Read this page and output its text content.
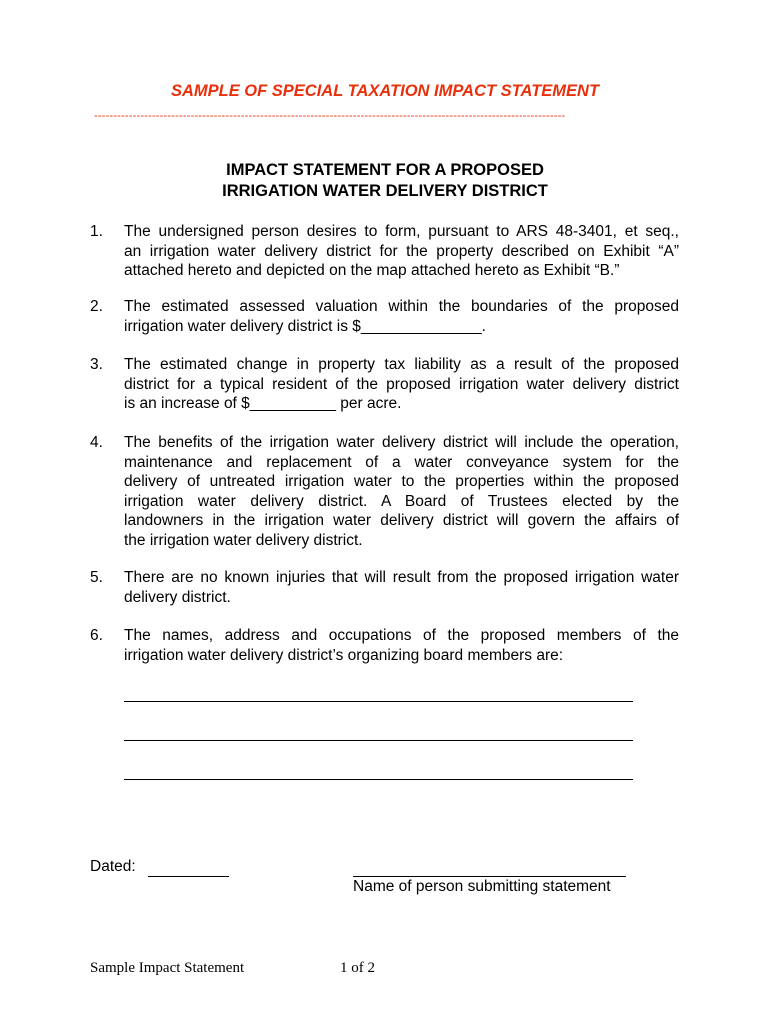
SAMPLE OF SPECIAL TAXATION IMPACT STATEMENT
--------------------------------------------------------------------------------------------------------------------------
IMPACT STATEMENT FOR A PROPOSED
IRRIGATION WATER DELIVERY DISTRICT
1. The undersigned person desires to form, pursuant to ARS 48-3401, et seq.,
an irrigation water delivery district for the property described on Exhibit “A”
attached hereto and depicted on the map attached hereto as Exhibit “B.”
2. The estimated assessed valuation within the boundaries of the proposed
irrigation water delivery district is $______________.
3. The estimated change in property tax liability as a result of the proposed
district for a typical resident of the proposed irrigation water delivery district
is an increase of $__________ per acre.
4. The benefits of the irrigation water delivery district will include the operation,
maintenance and replacement of a water conveyance system for the
delivery of untreated irrigation water to the properties within the proposed
irrigation water delivery district. A Board of Trustees elected by the
landowners in the irrigation water delivery district will govern the affairs of
the irrigation water delivery district.
5. There are no known injuries that will result from the proposed irrigation water
delivery district.
6. The names, address and occupations of the proposed members of the
irrigation water delivery district’s organizing board members are:
Dated:
Name of person submitting statement
Sample Impact Statement	1 of 2
